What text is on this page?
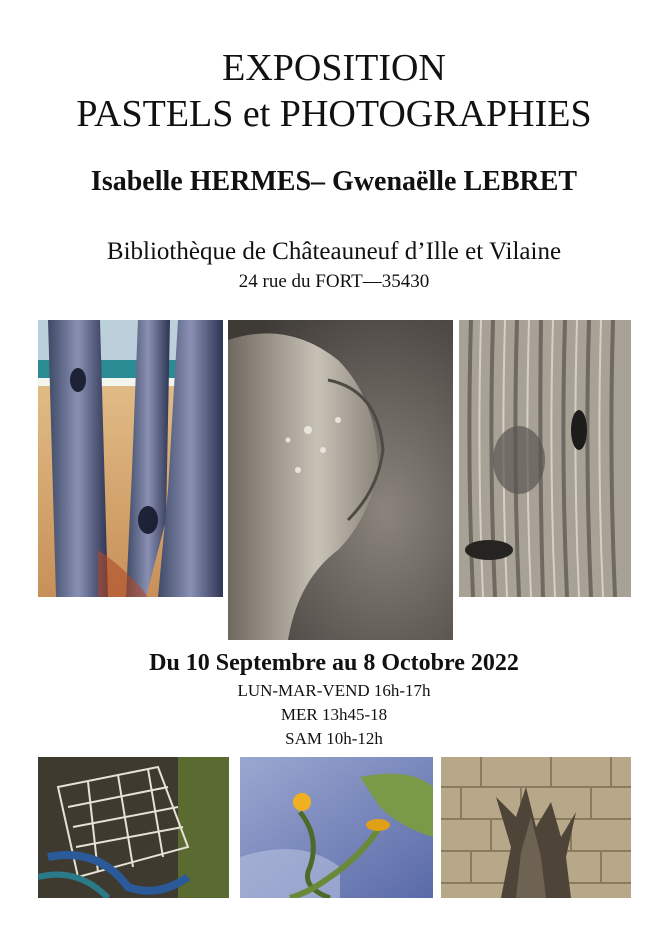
EXPOSITION
PASTELS et PHOTOGRAPHIES
Isabelle HERMES– Gwenaëlle LEBRET
Bibliothèque de Châteauneuf d’Ille et Vilaine
24 rue du FORT—35430
Du 10 Septembre au 8 Octobre 2022
LUN-MAR-VEND 16h-17h
MER 13h45-18
SAM 10h-12h
